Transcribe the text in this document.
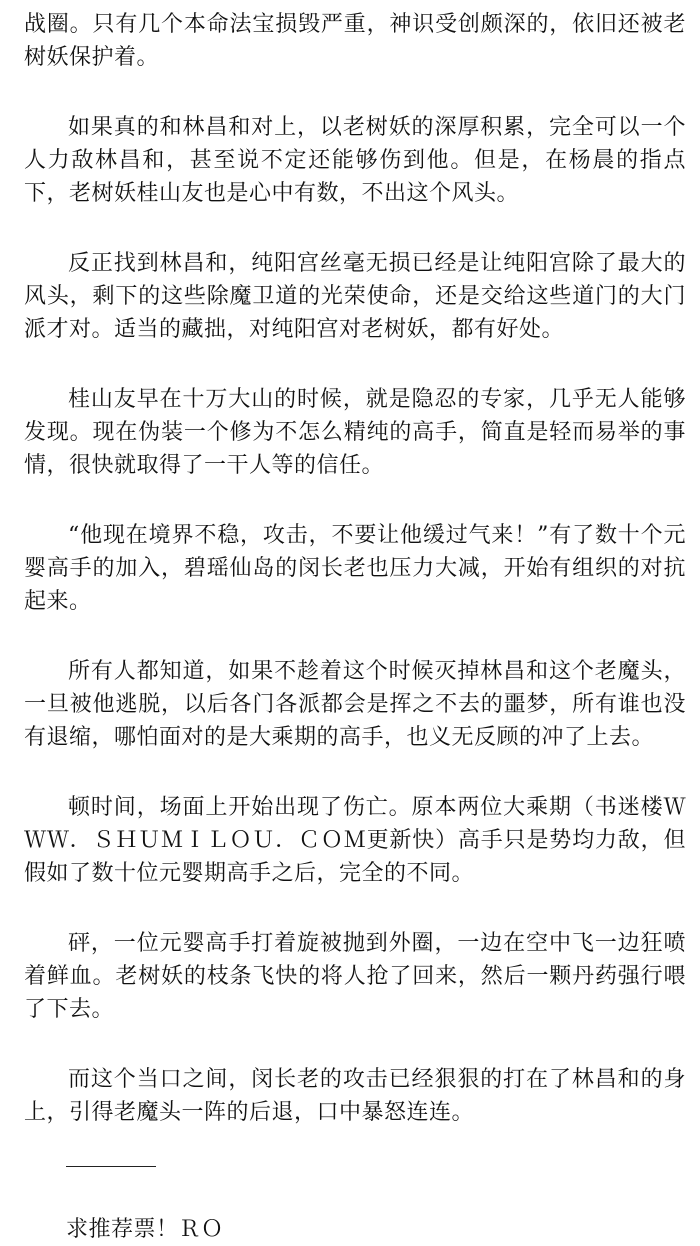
战圈。只有几个本命法宝损毁严重，神识受创颇深的，依旧还被老树妖保护着。

如果真的和林昌和对上，以老树妖的深厚积累，完全可以一个人力敌林昌和，甚至说不定还能够伤到他。但是，在杨晨的指点下，老树妖桂山友也是心中有数，不出这个风头。

反正找到林昌和，纯阳宫丝毫无损已经是让纯阳宫除了最大的风头，剩下的这些除魔卫道的光荣使命，还是交给这些道门的大门派才对。适当的藏拙，对纯阳宫对老树妖，都有好处。

桂山友早在十万大山的时候，就是隐忍的专家，几乎无人能够发现。现在伪装一个修为不怎么精纯的高手，简直是轻而易举的事情，很快就取得了一干人等的信任。

“他现在境界不稳，攻击，不要让他缓过气来！”有了数十个元婴高手的加入，碧瑶仙岛的闵长老也压力大减，开始有组织的对抗起来。

所有人都知道，如果不趁着这个时候灭掉林昌和这个老魔头，一旦被他逃脱，以后各门各派都会是挥之不去的噩梦，所有谁也没有退缩，哪怕面对的是大乘期的高手，也义无反顾的冲了上去。

顿时间，场面上开始出现了伤亡。原本两位大乘期（书迷楼ＷＷＷ．ＳＨＵＭＩＬＯＵ．ＣＯＭ更新快）高手只是势均力敌，但假如了数十位元婴期高手之后，完全的不同。

砰，一位元婴高手打着旋被抛到外圈，一边在空中飞一边狂喷着鲜血。老树妖的枝条飞快的将人抢了回来，然后一颗丹药强行喂了下去。

而这个当口之间，闵长老的攻击已经狠狠的打在了林昌和的身上，引得老魔头一阵的后退，口中暴怒连连。

求推荐票！ＲＯ
